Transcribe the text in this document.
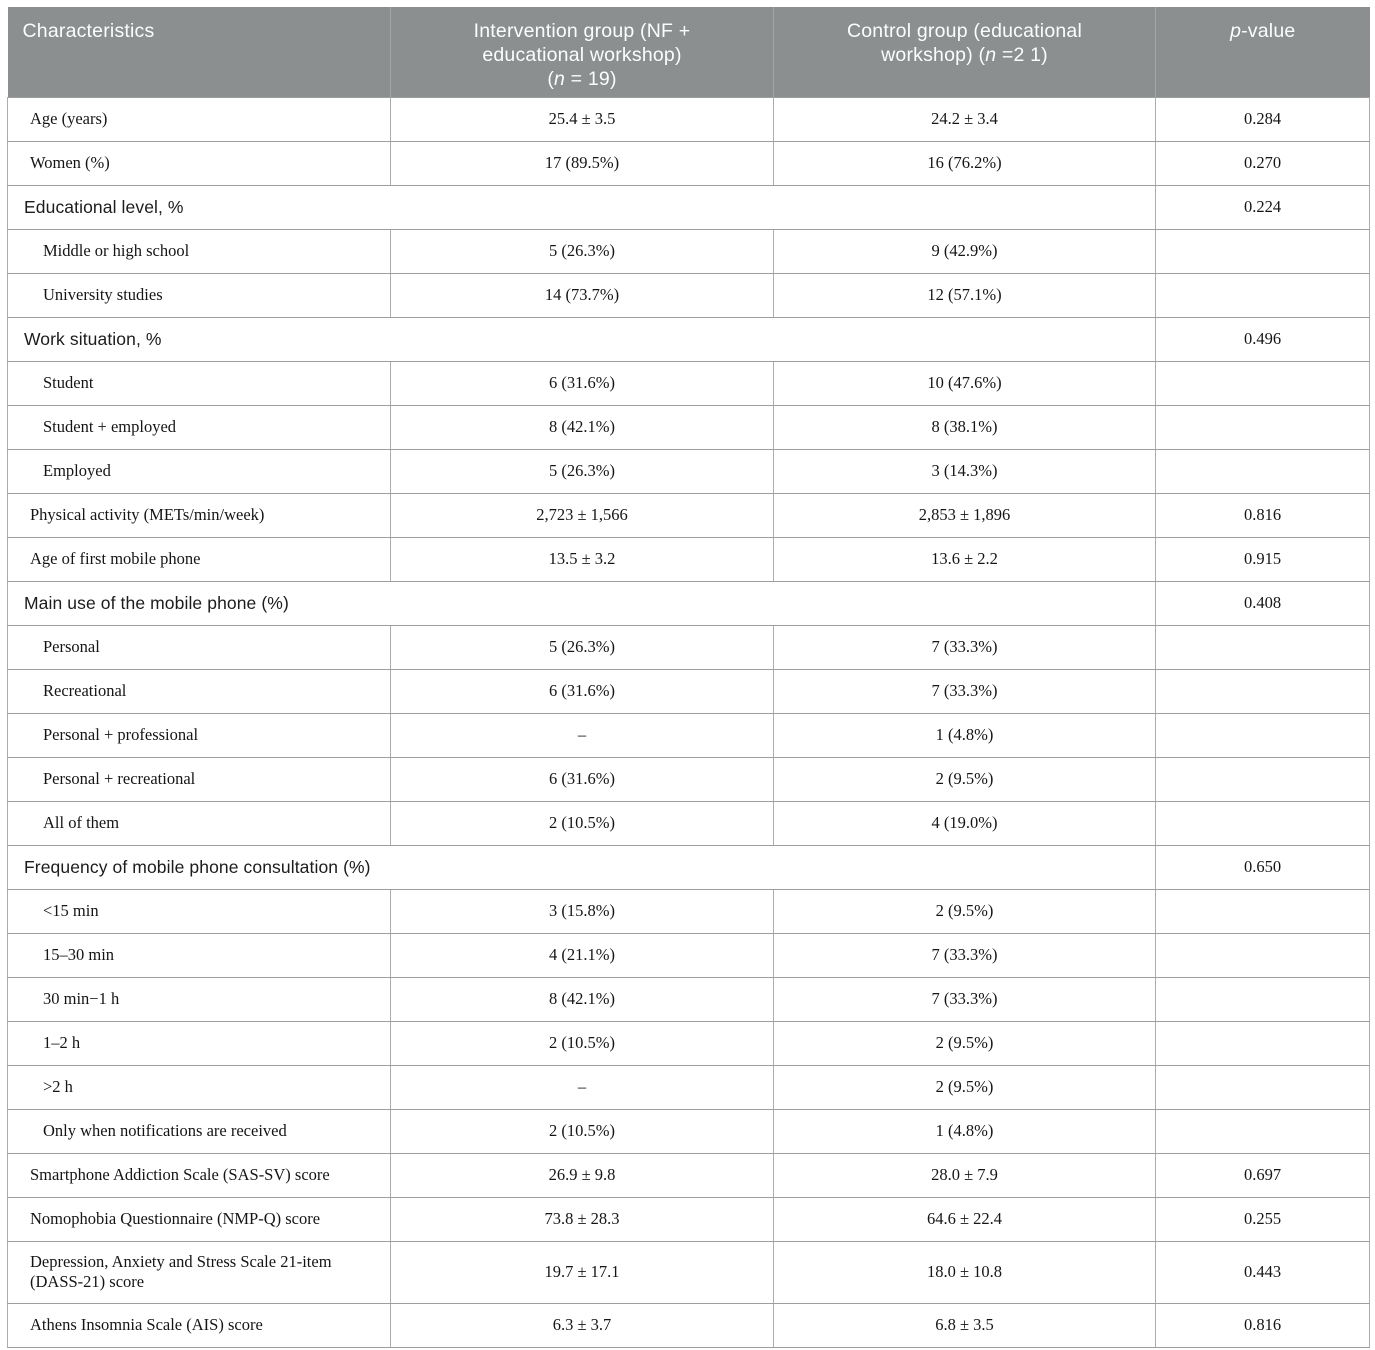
Characteristics	Intervention group (NF +
educational workshop)
(n = 19)	Control group (educational
workshop) (n =2 1)	p-value

Age (years)	25.4 ± 3.5	24.2 ± 3.4	0.284
Women (%)	17 (89.5%)	16 (76.2%)	0.270
Educational level, %			0.224
Middle or high school	5 (26.3%)	9 (42.9%)	
University studies	14 (73.7%)	12 (57.1%)	
Work situation, %			0.496
Student	6 (31.6%)	10 (47.6%)	
Student + employed	8 (42.1%)	8 (38.1%)	
Employed	5 (26.3%)	3 (14.3%)	
Physical activity (METs/min/week)	2,723 ± 1,566	2,853 ± 1,896	0.816
Age of first mobile phone	13.5 ± 3.2	13.6 ± 2.2	0.915
Main use of the mobile phone (%)			0.408
Personal	5 (26.3%)	7 (33.3%)	
Recreational	6 (31.6%)	7 (33.3%)	
Personal + professional	–	1 (4.8%)	
Personal + recreational	6 (31.6%)	2 (9.5%)	
All of them	2 (10.5%)	4 (19.0%)	
Frequency of mobile phone consultation (%)			0.650
<15 min	3 (15.8%)	2 (9.5%)	
15–30 min	4 (21.1%)	7 (33.3%)	
30 min−1 h	8 (42.1%)	7 (33.3%)	
1–2 h	2 (10.5%)	2 (9.5%)	
>2 h	–	2 (9.5%)	
Only when notifications are received	2 (10.5%)	1 (4.8%)	
Smartphone Addiction Scale (SAS-SV) score	26.9 ± 9.8	28.0 ± 7.9	0.697
Nomophobia Questionnaire (NMP-Q) score	73.8 ± 28.3	64.6 ± 22.4	0.255
Depression, Anxiety and Stress Scale 21-item (DASS-21) score	19.7 ± 17.1	18.0 ± 10.8	0.443
Athens Insomnia Scale (AIS) score	6.3 ± 3.7	6.8 ± 3.5	0.816
